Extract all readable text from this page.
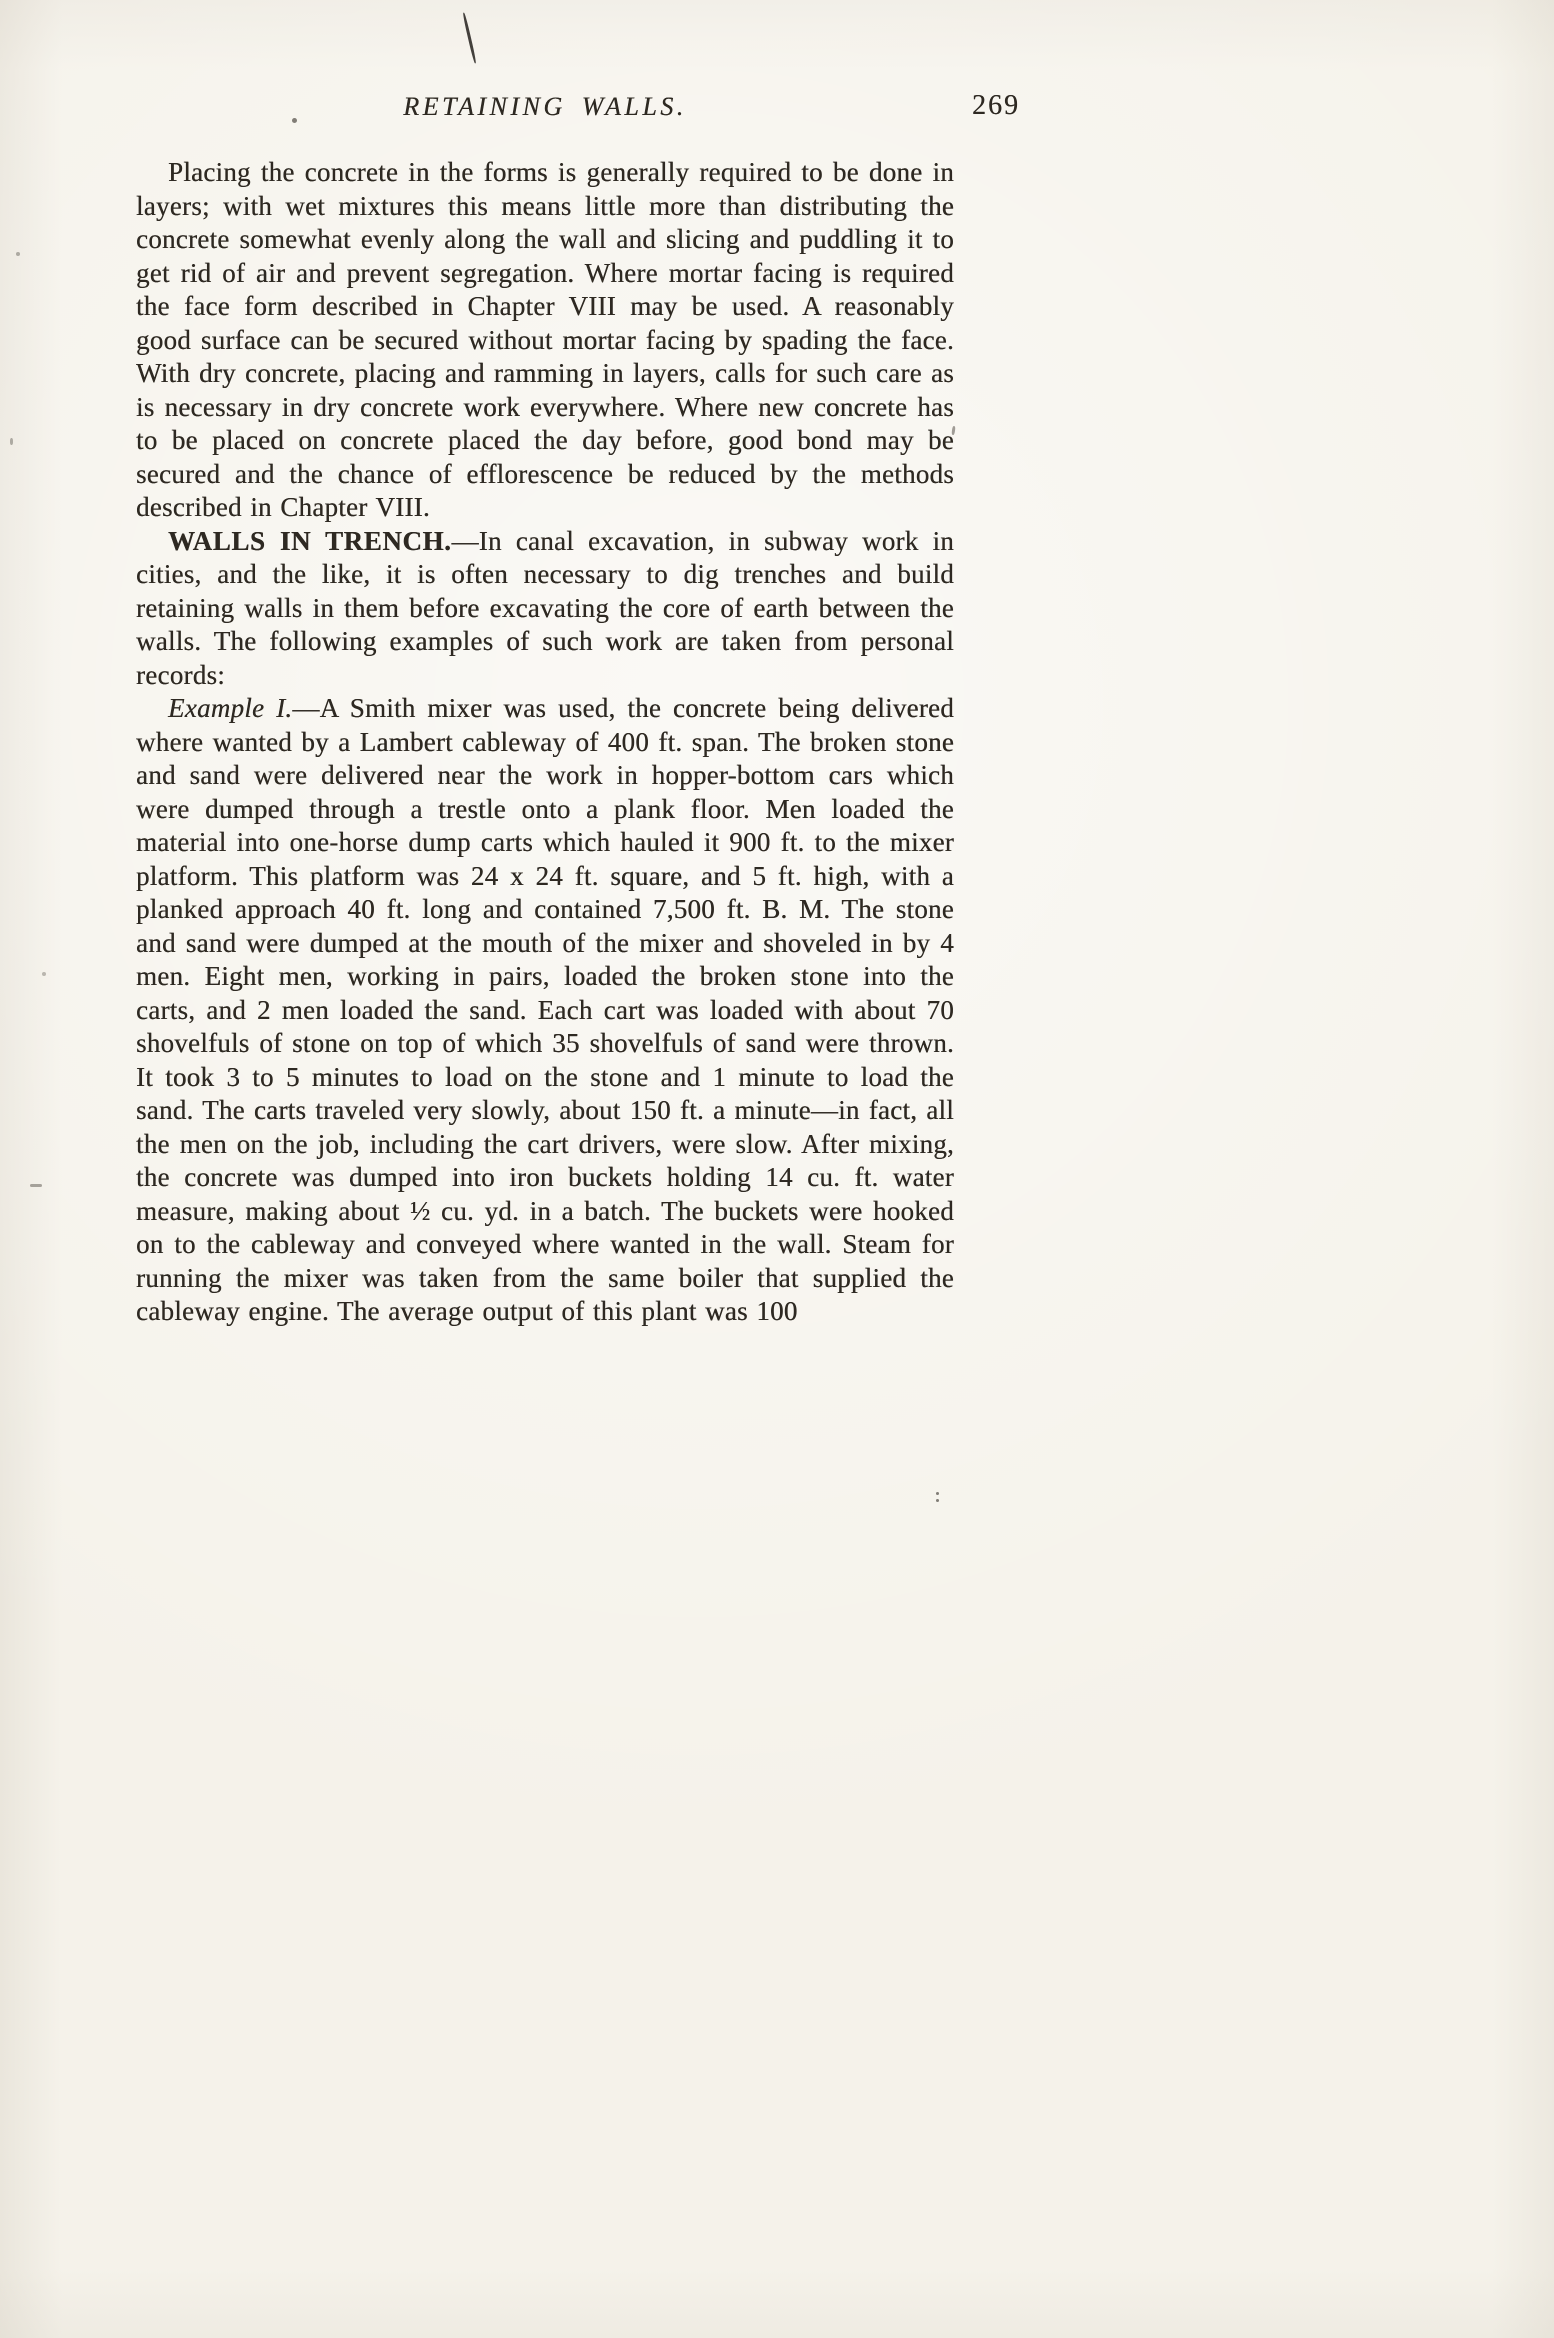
RETAINING WALLS.	269

Placing the concrete in the forms is generally required to be done in layers; with wet mixtures this means little more than distributing the concrete somewhat evenly along the wall and slicing and puddling it to get rid of air and prevent segregation. Where mortar facing is required the face form described in Chapter VIII may be used. A reasonably good surface can be secured without mortar facing by spading the face. With dry concrete, placing and ramming in layers, calls for such care as is necessary in dry concrete work everywhere. Where new concrete has to be placed on concrete placed the day before, good bond may be secured and the chance of efflorescence be reduced by the methods described in Chapter VIII.

WALLS IN TRENCH.—In canal excavation, in subway work in cities, and the like, it is often necessary to dig trenches and build retaining walls in them before excavating the core of earth between the walls. The following examples of such work are taken from personal records:

Example I.—A Smith mixer was used, the concrete being delivered where wanted by a Lambert cableway of 400 ft. span. The broken stone and sand were delivered near the work in hopper-bottom cars which were dumped through a trestle onto a plank floor. Men loaded the material into one-horse dump carts which hauled it 900 ft. to the mixer platform. This platform was 24 x 24 ft. square, and 5 ft. high, with a planked approach 40 ft. long and contained 7,500 ft. B. M. The stone and sand were dumped at the mouth of the mixer and shoveled in by 4 men. Eight men, working in pairs, loaded the broken stone into the carts, and 2 men loaded the sand. Each cart was loaded with about 70 shovelfuls of stone on top of which 35 shovelfuls of sand were thrown. It took 3 to 5 minutes to load on the stone and 1 minute to load the sand. The carts traveled very slowly, about 150 ft. a minute—in fact, all the men on the job, including the cart drivers, were slow. After mixing, the concrete was dumped into iron buckets holding 14 cu. ft. water measure, making about ½ cu. yd. in a batch. The buckets were hooked on to the cableway and conveyed where wanted in the wall. Steam for running the mixer was taken from the same boiler that supplied the cableway engine. The average output of this plant was 100
